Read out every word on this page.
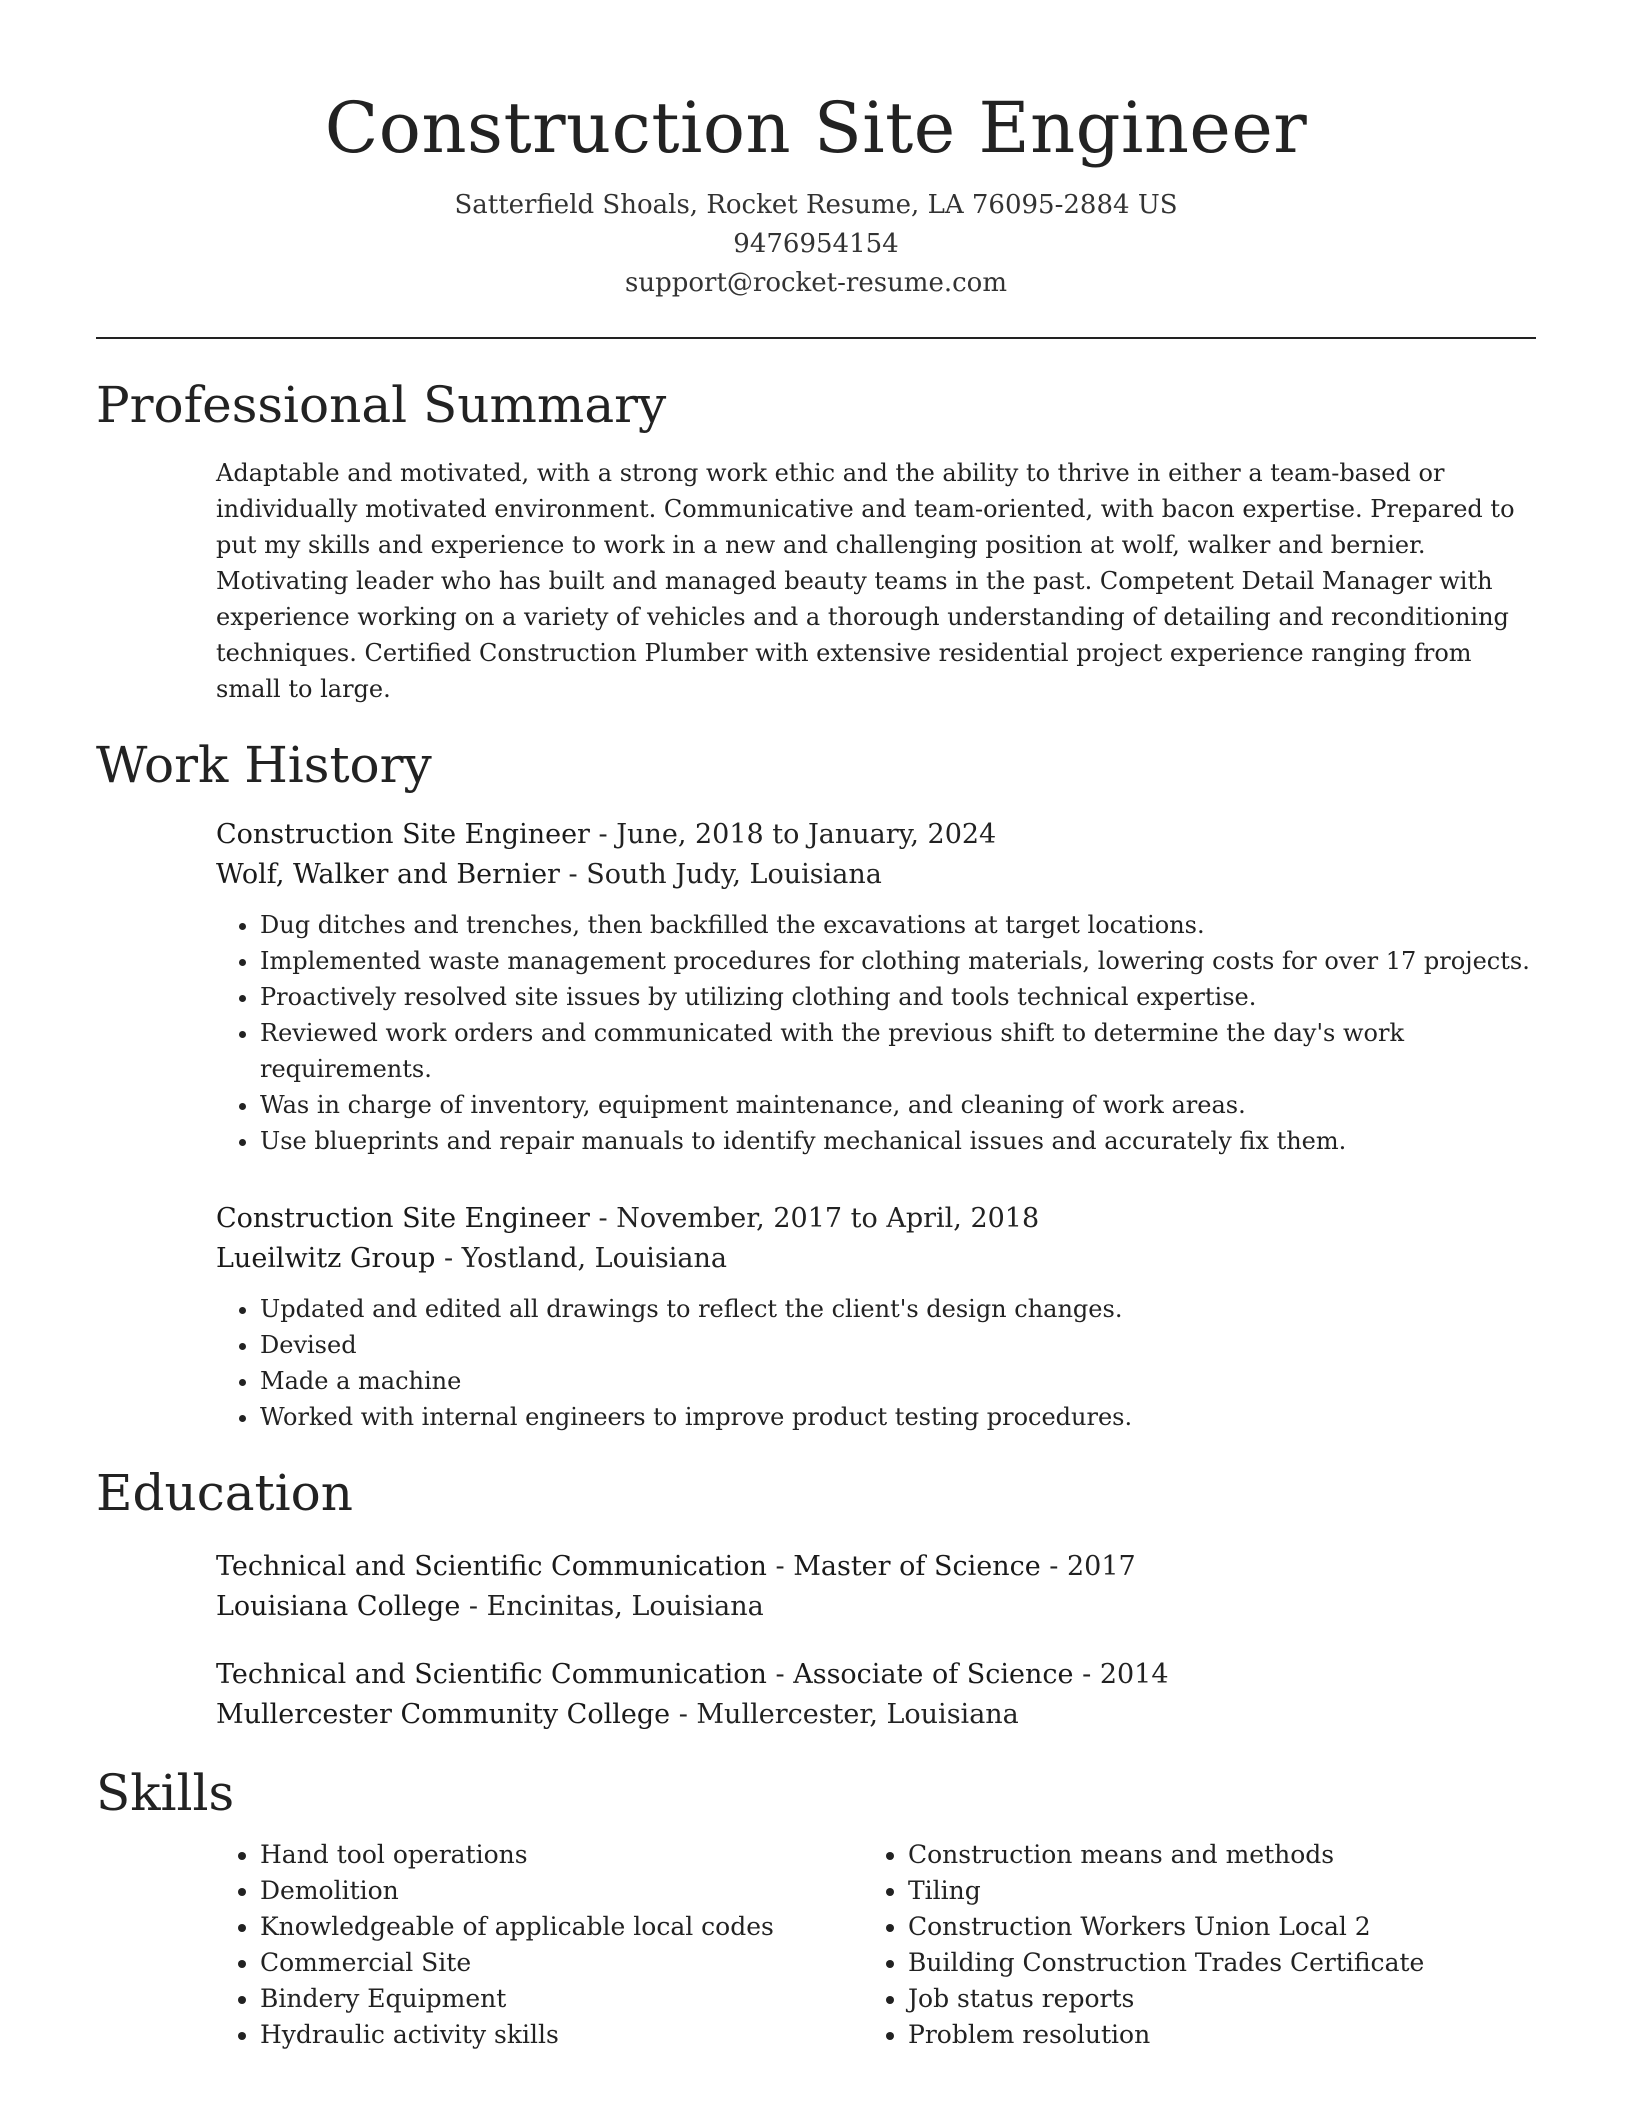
Construction Site Engineer
Satterfield Shoals, Rocket Resume, LA 76095-2884 US
9476954154
support@rocket-resume.com
Professional Summary

Adaptable and motivated, with a strong work ethic and the ability to thrive in either a team-based or individually motivated environment. Communicative and team-oriented, with bacon expertise. Prepared to put my skills and experience to work in a new and challenging position at wolf, walker and bernier. Motivating leader who has built and managed beauty teams in the past. Competent Detail Manager with experience working on a variety of vehicles and a thorough understanding of detailing and reconditioning techniques. Certified Construction Plumber with extensive residential project experience ranging from small to large.

Work History
Construction Site Engineer - June, 2018 to January, 2024
Wolf, Walker and Bernier - South Judy, Louisiana
• Dug ditches and trenches, then backfilled the excavations at target locations.
• Implemented waste management procedures for clothing materials, lowering costs for over 17 projects.
• Proactively resolved site issues by utilizing clothing and tools technical expertise.
• Reviewed work orders and communicated with the previous shift to determine the day's work requirements.
• Was in charge of inventory, equipment maintenance, and cleaning of work areas.
• Use blueprints and repair manuals to identify mechanical issues and accurately fix them.
Construction Site Engineer - November, 2017 to April, 2018
Lueilwitz Group - Yostland, Louisiana
• Updated and edited all drawings to reflect the client's design changes.
• Devised
• Made a machine
• Worked with internal engineers to improve product testing procedures.
Education
Technical and Scientific Communication - Master of Science - 2017
Louisiana College - Encinitas, Louisiana
Technical and Scientific Communication - Associate of Science - 2014
Mullercester Community College - Mullercester, Louisiana
Skills
• Hand tool operations
• Demolition
• Knowledgeable of applicable local codes
• Commercial Site
• Bindery Equipment
• Hydraulic activity skills
• Construction means and methods
• Tiling
• Construction Workers Union Local 2
• Building Construction Trades Certificate
• Job status reports
• Problem resolution
